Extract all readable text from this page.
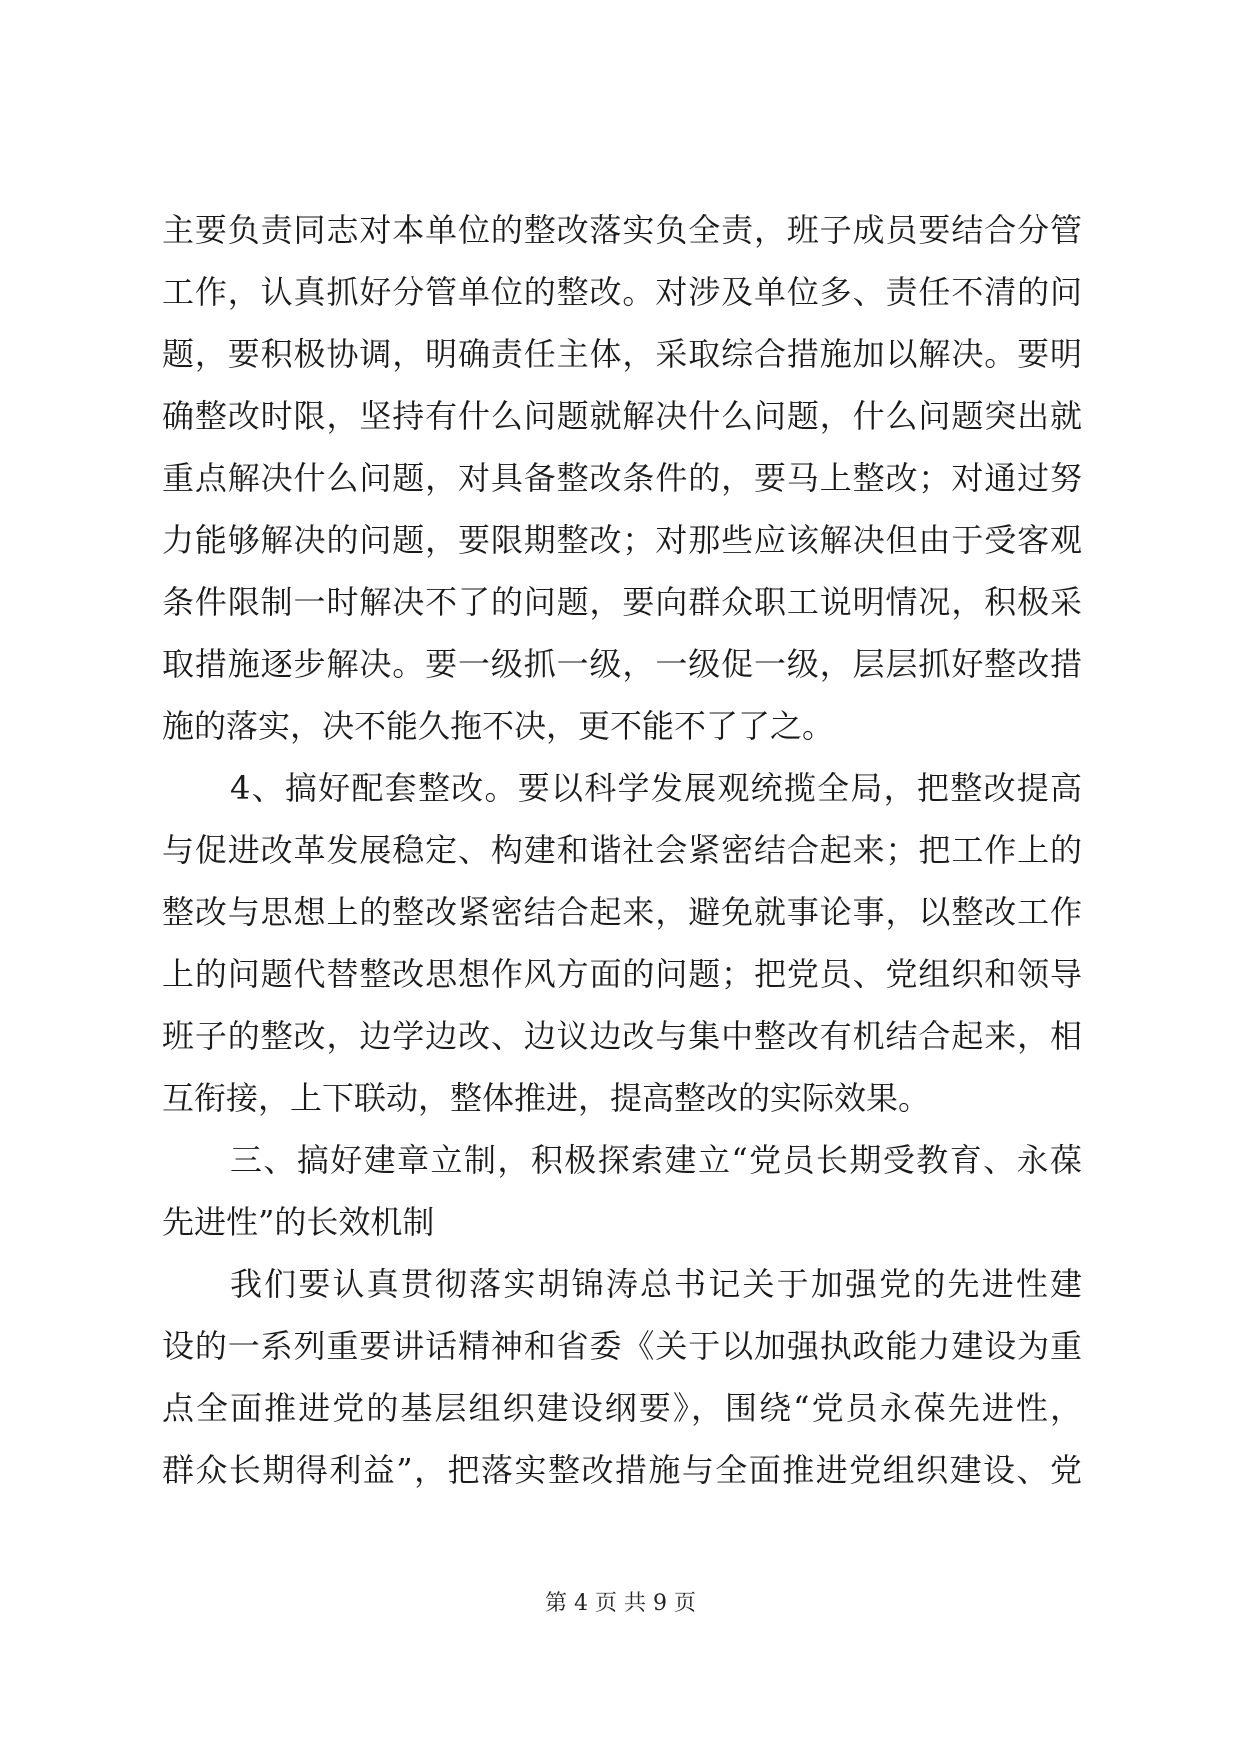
主要负责同志对本单位的整改落实负全责，班子成员要结合分管
工作，认真抓好分管单位的整改。对涉及单位多、责任不清的问
题，要积极协调，明确责任主体，采取综合措施加以解决。要明
确整改时限，坚持有什么问题就解决什么问题，什么问题突出就
重点解决什么问题，对具备整改条件的，要马上整改；对通过努
力能够解决的问题，要限期整改；对那些应该解决但由于受客观
条件限制一时解决不了的问题，要向群众职工说明情况，积极采
取措施逐步解决。要一级抓一级，一级促一级，层层抓好整改措
施的落实，决不能久拖不决，更不能不了了之。
4、搞好配套整改。要以科学发展观统揽全局，把整改提高
与促进改革发展稳定、构建和谐社会紧密结合起来；把工作上的
整改与思想上的整改紧密结合起来，避免就事论事，以整改工作
上的问题代替整改思想作风方面的问题；把党员、党组织和领导
班子的整改，边学边改、边议边改与集中整改有机结合起来，相
互衔接，上下联动，整体推进，提高整改的实际效果。
三、搞好建章立制，积极探索建立“党员长期受教育、永葆
先进性”的长效机制
我们要认真贯彻落实胡锦涛总书记关于加强党的先进性建
设的一系列重要讲话精神和省委《关于以加强执政能力建设为重
点全面推进党的基层组织建设纲要》，围绕“党员永葆先进性，
群众长期得利益”，把落实整改措施与全面推进党组织建设、党
第 4 页 共 9 页
